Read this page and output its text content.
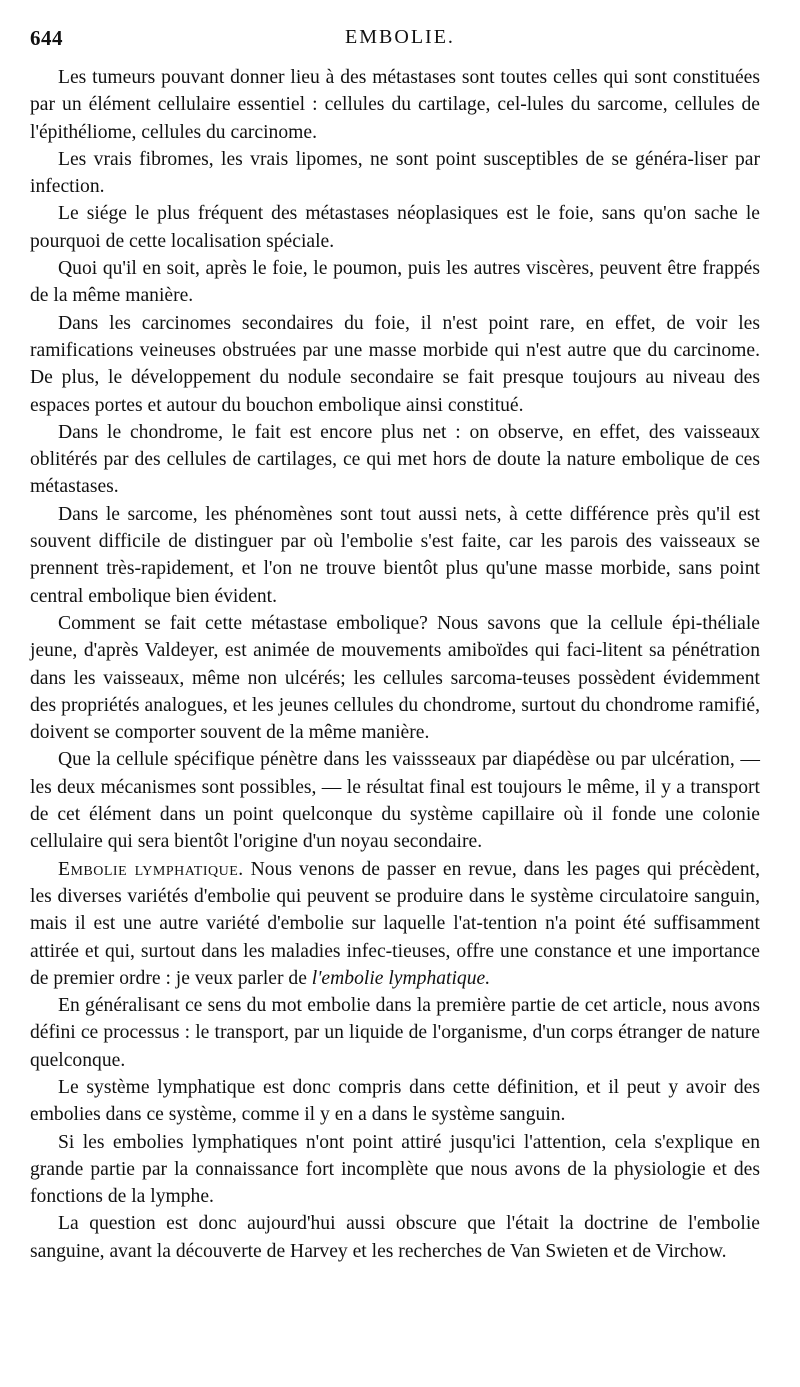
644	EMBOLIE.

Les tumeurs pouvant donner lieu à des métastases sont toutes celles qui sont constituées par un élément cellulaire essentiel : cellules du cartilage, cel-lules du sarcome, cellules de l'épithéliome, cellules du carcinome.

Les vrais fibromes, les vrais lipomes, ne sont point susceptibles de se généra-liser par infection.

Le siége le plus fréquent des métastases néoplasiques est le foie, sans qu'on sache le pourquoi de cette localisation spéciale.

Quoi qu'il en soit, après le foie, le poumon, puis les autres viscères, peuvent être frappés de la même manière.

Dans les carcinomes secondaires du foie, il n'est point rare, en effet, de voir les ramifications veineuses obstruées par une masse morbide qui n'est autre que du carcinome. De plus, le développement du nodule secondaire se fait presque toujours au niveau des espaces portes et autour du bouchon embolique ainsi constitué.

Dans le chondrome, le fait est encore plus net : on observe, en effet, des vaisseaux oblitérés par des cellules de cartilages, ce qui met hors de doute la nature embolique de ces métastases.

Dans le sarcome, les phénomènes sont tout aussi nets, à cette différence près qu'il est souvent difficile de distinguer par où l'embolie s'est faite, car les parois des vaisseaux se prennent très-rapidement, et l'on ne trouve bientôt plus qu'une masse morbide, sans point central embolique bien évident.

Comment se fait cette métastase embolique? Nous savons que la cellule épi-théliale jeune, d'après Valdeyer, est animée de mouvements amiboïdes qui faci-litent sa pénétration dans les vaisseaux, même non ulcérés; les cellules sarcoma-teuses possèdent évidemment des propriétés analogues, et les jeunes cellules du chondrome, surtout du chondrome ramifié, doivent se comporter souvent de la même manière.

Que la cellule spécifique pénètre dans les vaissseaux par diapédèse ou par ulcération, — les deux mécanismes sont possibles, — le résultat final est toujours le même, il y a transport de cet élément dans un point quelconque du système capillaire où il fonde une colonie cellulaire qui sera bientôt l'origine d'un noyau secondaire.

Embolie lymphatique. Nous venons de passer en revue, dans les pages qui précèdent, les diverses variétés d'embolie qui peuvent se produire dans le système circulatoire sanguin, mais il est une autre variété d'embolie sur laquelle l'at-tention n'a point été suffisamment attirée et qui, surtout dans les maladies infec-tieuses, offre une constance et une importance de premier ordre : je veux parler de l'embolie lymphatique.

En généralisant ce sens du mot embolie dans la première partie de cet article, nous avons défini ce processus : le transport, par un liquide de l'organisme, d'un corps étranger de nature quelconque.

Le système lymphatique est donc compris dans cette définition, et il peut y avoir des embolies dans ce système, comme il y en a dans le système sanguin.

Si les embolies lymphatiques n'ont point attiré jusqu'ici l'attention, cela s'explique en grande partie par la connaissance fort incomplète que nous avons de la physiologie et des fonctions de la lymphe.

La question est donc aujourd'hui aussi obscure que l'était la doctrine de l'embolie sanguine, avant la découverte de Harvey et les recherches de Van Swieten et de Virchow.
